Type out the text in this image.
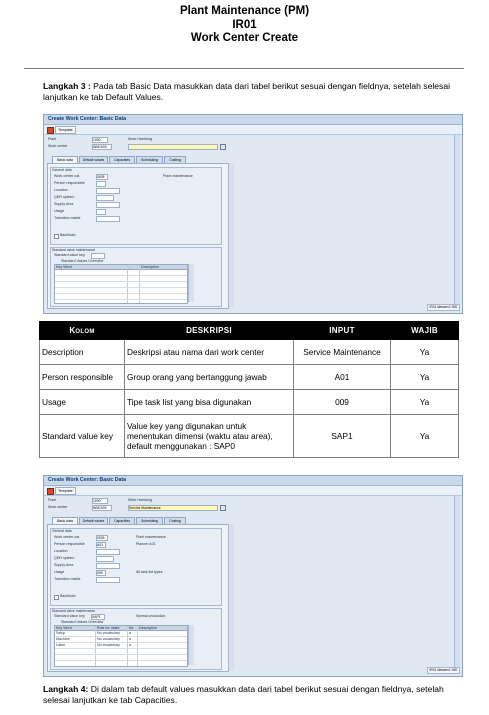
Plant Maintenance (PM)
IR01
Work Center Create
Langkah 3 : Pada tab Basic Data masukkan data dari tabel berikut sesuai dengan fieldnya, setelah selesai lanjutkan ke tab Default Values.
Create Work Center: Basic Data
Template
Plant	1000	Work Hamburg
Work center	WM1003
Basic data	Default values	Capacities	Scheduling	Costing
General data
Work center cat.	0005	Plant maintenance
Person responsible
Location
QDR system
Supply Area
Usage
Transition matrix
Backflush
Standard value maintenance
Standard value key
Standard Values Overview
Key Word	-	Description
IR01 idesserv1 INS
Kolom	DESKRIPSI	INPUT	WAJIB
Description	Deskripsi atau nama dari work center	Service Maintenance	Ya
Person responsible	Group orang yang bertanggung jawab	A01	Ya
Usage	Tipe task list yang bisa digunakan	009	Ya
Standard value key	Value key yang digunakan untuk menentukan dimensi (waktu atau area), default menggunakan : SAP0	SAP1	Ya
Create Work Center: Basic Data
Template
Plant	1000	Werk Hamburg
Work center	WM1003	Service Maintenance
Basic data	Default values	Capacities	Scheduling	Costing
General data
Work center cat.	0005	Plant maintenance
Person responsible	A01	Planner A01
Location
QDR system
Supply Area
Usage	009	All task list types
Transition matrix
Backflush
Standard value maintenance
Standard value key SAP1	Normal production
Standard Values Overview
Key Word	Rule for maint. Ke Description
Setup	No vocabulary	a
Machine	No vocabulary	a
Labor	No vocabulary	a
IR01 idesserv1 INS
Langkah 4: Di dalam tab default values masukkan data dari tabel berikut sesuai dengan fieldnya, setelah selesai lanjutkan ke tab Capacities.
